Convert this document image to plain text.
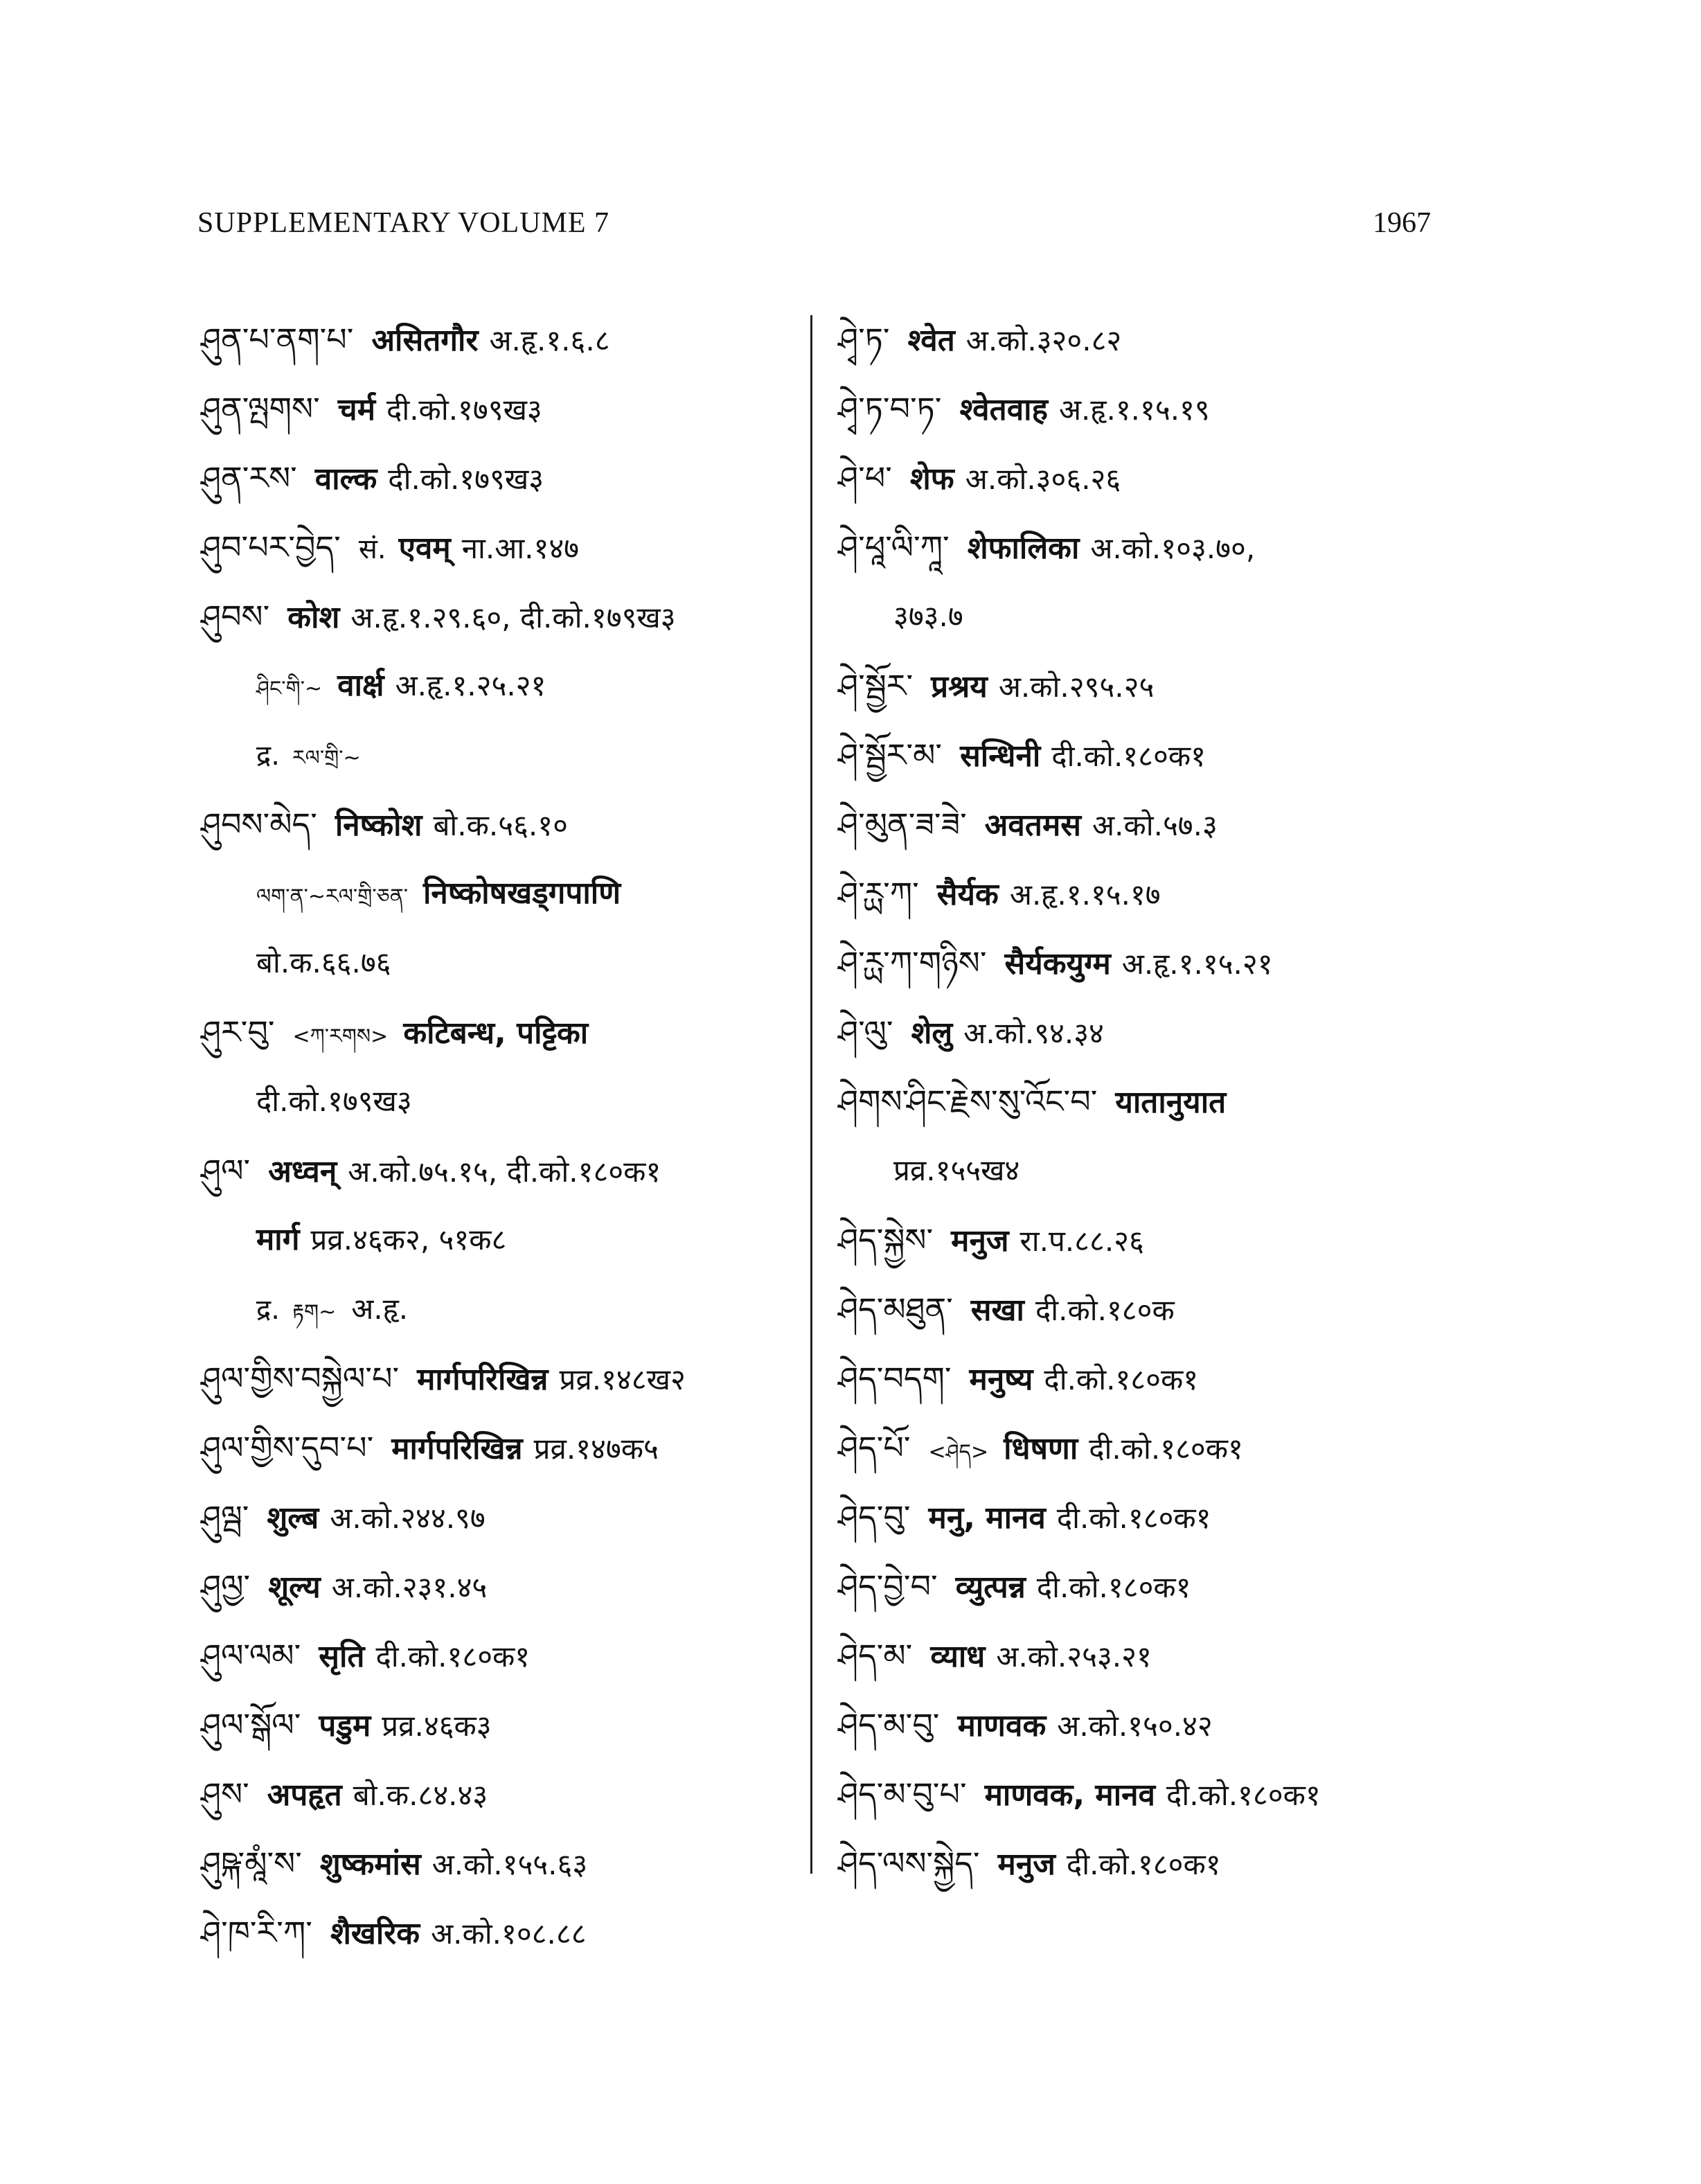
SUPPLEMENTARY VOLUME 7	1967
ཤུན་པ་ནག་པ་ असितगौर अ.हृ.१.६.८
ཤུན་ལྤགས་ चर्म दी.को.१७९ख३
ཤུན་རས་ वाल्क दी.को.१७९ख३
ཤུབ་པར་བྱེད་ सं. एवम् ना.आ.१४७
ཤུབས་ कोश अ.हृ.१.२९.६०, दी.को.१७९ख३
ཤིང་གི་~ वार्क्ष अ.हृ.१.२५.२१
द्र. རལ་གྲི་~
ཤུབས་མེད་ निष्कोश बो.क.५६.१०
ལག་ན་~རལ་གྲི་ཅན་ निष्कोषखड्गपाणि
बो.क.६६.७६
ཤུར་བུ་ <ཀ་རགས> कटिबन्ध, पट्टिका
दी.को.१७९ख३
ཤུལ་ अध्वन् अ.को.७५.१५, दी.को.१८०क१
मार्ग प्रव्र.४६क२, ५१क८
द्र. རྟག~ अ.हृ.
ཤུལ་གྱིས་བསྐྱེལ་པ་ मार्गपरिखिन्न प्रव्र.१४८ख२
ཤུལ་གྱིས་དུབ་པ་ मार्गपरिखिन्न प्रव्र.१४७क५
ཤུལྦ་ शुल्ब अ.को.२४४.९७
ཤུལྱ་ शूल्य अ.को.२३१.४५
ཤུལ་ལམ་ सृति दी.को.१८०क१
ཤུལ་སྒོལ་ पडुम प्रव्र.४६क३
ཤུས་ अपहृत बो.क.८४.४३
ཤུཥྐ་མཱཾ་ས་ शुष्कमांस अ.को.१५५.६३
ཤེ་ཁ་རི་ཀ་ शैखरिक अ.को.१०८.८८
ཤྭེ་ཏ་ श्वेत अ.को.३२०.८२
ཤྭེ་ཏ་བ་ཏ་ श्वेतवाह अ.हृ.१.१५.१९
ཤེ་ཕ་ शेफ अ.को.३०६.२६
ཤེ་ཕཱ་ལི་ཀཱ་ शेफालिका अ.को.१०३.७०,
३७३.७
ཤེ་སྦྱོར་ प्रश्रय अ.को.२९५.२५
ཤེ་སྦྱོར་མ་ सन्धिनी दी.को.१८०क१
ཤེ་མུན་ཟ་ཟེ་ अवतमस अ.को.५७.३
ཤེ་ཪྻ་ཀ་ सैर्यक अ.हृ.१.१५.१७
ཤེ་ཪྻ་ཀ་གཉིས་ सैर्यकयुग्म अ.हृ.१.१५.२१
ཤེ་ལུ་ शेलु अ.को.९४.३४
ཤེགས་ཤིང་རྗེས་སུ་འོང་བ་ यातानुयात
प्रव्र.१५५ख४
ཤེད་སྐྱེས་ मनुज रा.प.८८.२६
ཤེད་མཐུན་ सखा दी.को.१८०क
ཤེད་བདག་ मनुष्य दी.को.१८०क१
ཤེད་པོ་ <ཤེད> धिषणा दी.को.१८०क१
ཤེད་བུ་ मनु, मानव दी.को.१८०क१
ཤེད་བྱེ་བ་ व्युत्पन्न दी.को.१८०क१
ཤེད་མ་ व्याध अ.को.२५३.२१
ཤེད་མ་བུ་ माणवक अ.को.१५०.४२
ཤེད་མ་བུ་པ་ माणवक, मानव दी.को.१८०क१
ཤེད་ལས་སྐྱེད་ मनुज दी.को.१८०क१
